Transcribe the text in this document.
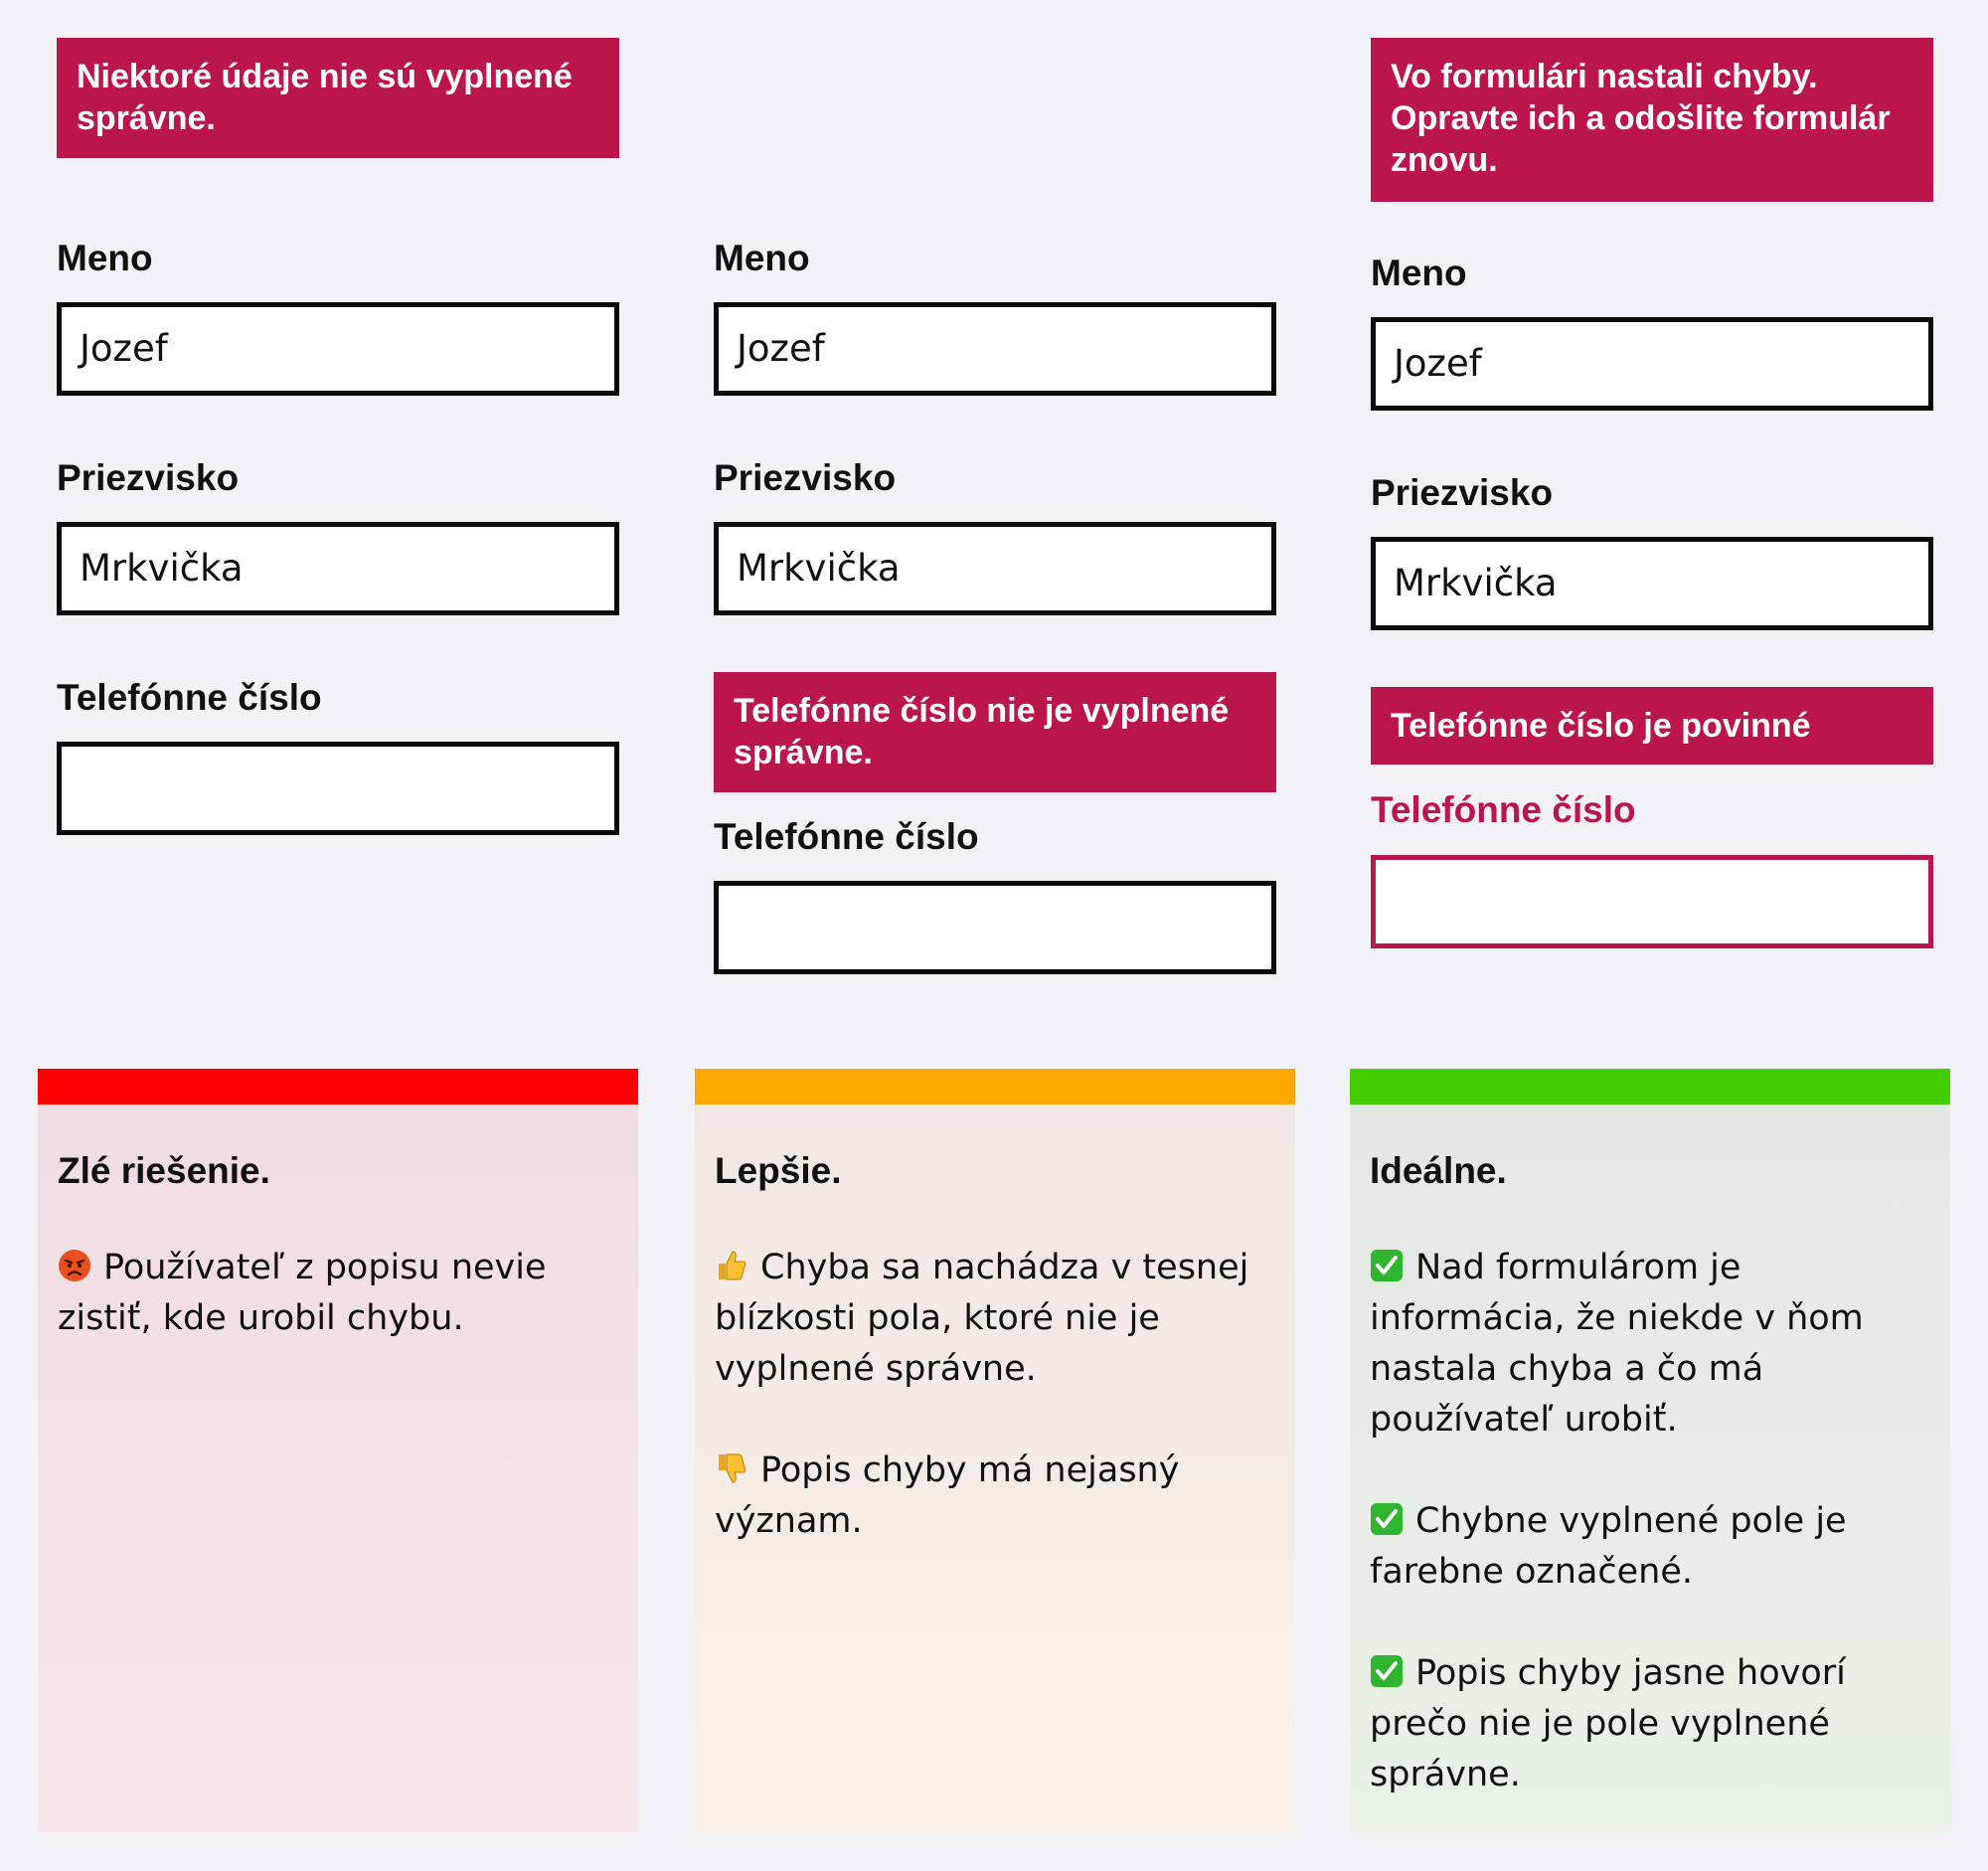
Niektoré údaje nie sú vyplnené správne.
Meno
Jozef
Priezvisko
Mrkvička
Telefónne číslo
Meno
Jozef
Priezvisko
Mrkvička
Telefónne číslo nie je vyplnené správne.
Telefónne číslo
Vo formulári nastali chyby. Opravte ich a odošlite formulár znovu.
Meno
Jozef
Priezvisko
Mrkvička
Telefónne číslo je povinné
Telefónne číslo
Zlé riešenie.

Používateľ z popisu nevie zistiť, kde urobil chybu.

Lepšie.

Chyba sa nachádza v tesnej blízkosti pola, ktoré nie je vyplnené správne.

Popis chyby má nejasný význam.

Ideálne.

Nad formulárom je informácia, že niekde v ňom nastala chyba a čo má používateľ urobiť.

Chybne vyplnené pole je farebne označené.

Popis chyby jasne hovorí prečo nie je pole vyplnené správne.
